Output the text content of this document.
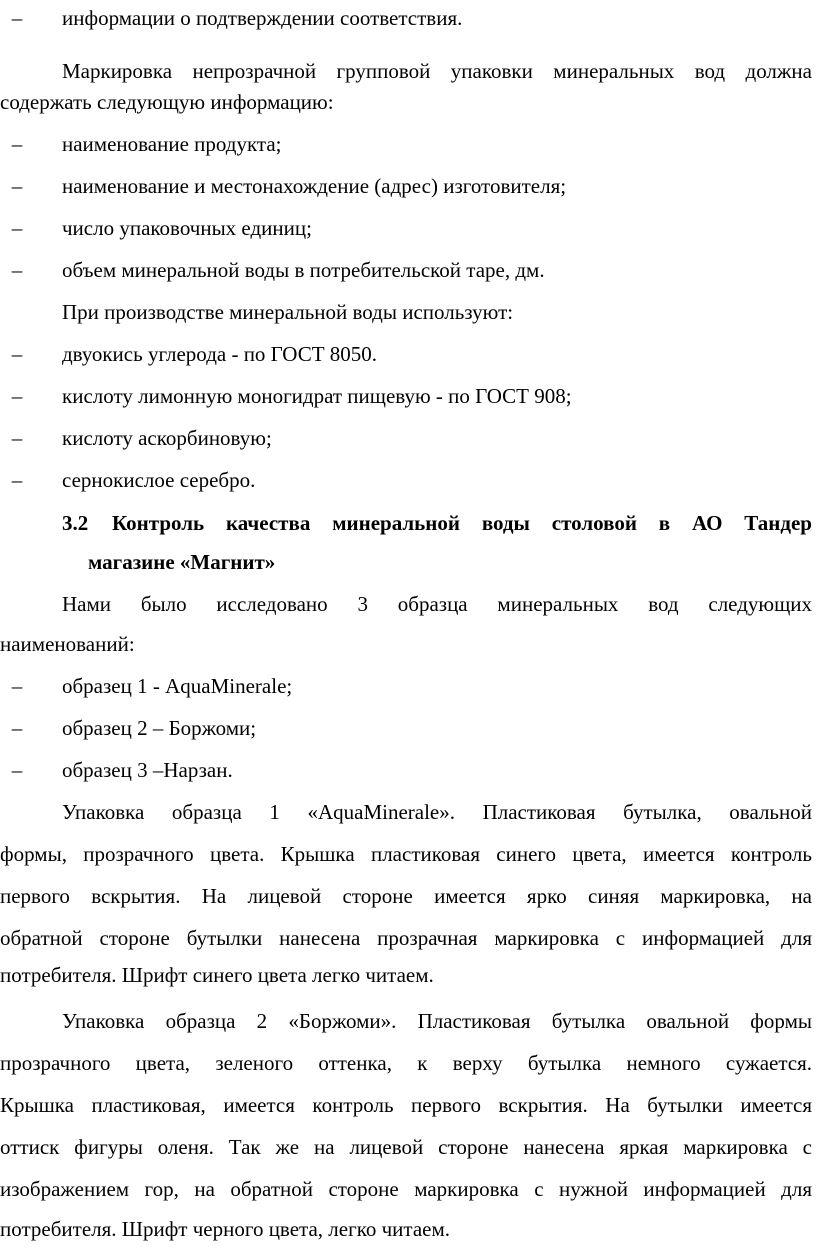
– информации о подтверждении соответствия.
Маркировка непрозрачной групповой упаковки минеральных вод должна
содержать следующую информацию:
– наименование продукта;
– наименование и местонахождение (адрес) изготовителя;
– число упаковочных единиц;
– объем минеральной воды в потребительской таре, дм.
При производстве минеральной воды используют:
– двуокись углерода - по ГОСТ 8050.
– кислоту лимонную моногидрат пищевую - по ГОСТ 908;
– кислоту аскорбиновую;
– сернокислое серебро.
3.2 Контроль качества минеральной воды столовой в АО Тандер
магазине «Магнит»
Нами было исследовано 3 образца минеральных вод следующих
наименований:
– образец 1 - AquaMinerale;
– образец 2 – Боржоми;
– образец 3 –Нарзан.
Упаковка образца 1 «AquaMinerale». Пластиковая бутылка, овальной
формы, прозрачного цвета. Крышка пластиковая синего цвета, имеется контроль
первого вскрытия. На лицевой стороне имеется ярко синяя маркировка, на
обратной стороне бутылки нанесена прозрачная маркировка с информацией для
потребителя. Шрифт синего цвета легко читаем.
Упаковка образца 2 «Боржоми». Пластиковая бутылка овальной формы
прозрачного цвета, зеленого оттенка, к верху бутылка немного сужается.
Крышка пластиковая, имеется контроль первого вскрытия. На бутылки имеется
оттиск фигуры оленя. Так же на лицевой стороне нанесена яркая маркировка с
изображением гор, на обратной стороне маркировка с нужной информацией для
потребителя. Шрифт черного цвета, легко читаем.
